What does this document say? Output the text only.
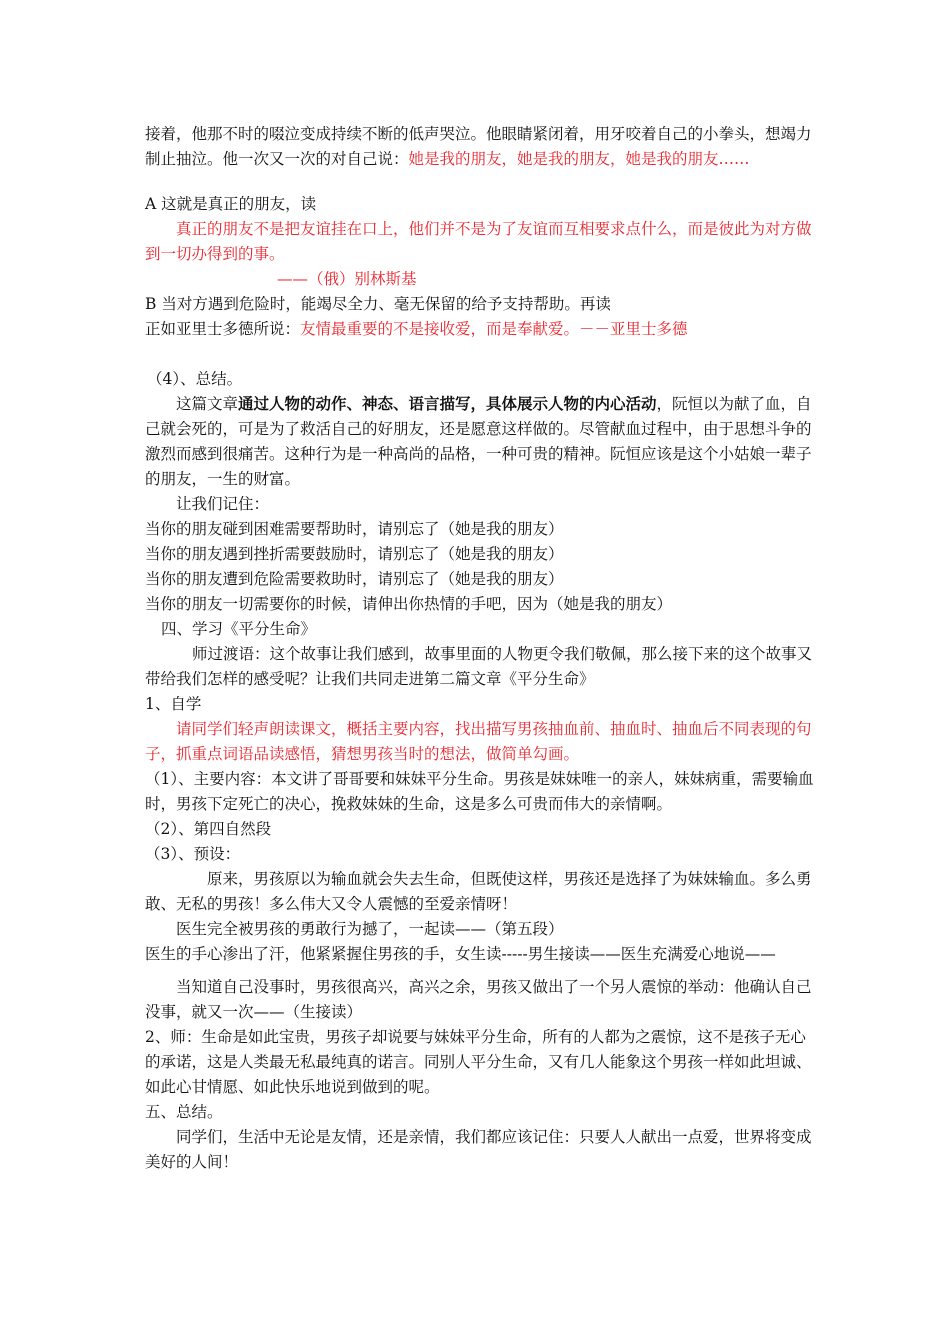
接着，他那不时的啜泣变成持续不断的低声哭泣。他眼睛紧闭着，用牙咬着自己的小拳头，想竭力制止抽泣。他一次又一次的对自己说：她是我的朋友，她是我的朋友，她是我的朋友……

A 这就是真正的朋友，读

真正的朋友不是把友谊挂在口上，他们并不是为了友谊而互相要求点什么，而是彼此为对方做到一切办得到的事。

——（俄）别林斯基

B 当对方遇到危险时，能竭尽全力、毫无保留的给予支持帮助。再读

正如亚里士多德所说：友情最重要的不是接收爱，而是奉献爱。－－亚里士多德

（4）、总结。

这篇文章通过人物的动作、神态、语言描写，具体展示人物的内心活动，阮恒以为献了血，自己就会死的，可是为了救活自己的好朋友，还是愿意这样做的。尽管献血过程中，由于思想斗争的激烈而感到很痛苦。这种行为是一种高尚的品格，一种可贵的精神。阮恒应该是这个小姑娘一辈子的朋友，一生的财富。

让我们记住：

当你的朋友碰到困难需要帮助时，请别忘了（她是我的朋友）

当你的朋友遇到挫折需要鼓励时，请别忘了（她是我的朋友）

当你的朋友遭到危险需要救助时，请别忘了（她是我的朋友）

当你的朋友一切需要你的时候，请伸出你热情的手吧，因为（她是我的朋友）

四、学习《平分生命》

师过渡语：这个故事让我们感到，故事里面的人物更令我们敬佩，那么接下来的这个故事又带给我们怎样的感受呢？让我们共同走进第二篇文章《平分生命》

1、自学

请同学们轻声朗读课文，概括主要内容，找出描写男孩抽血前、抽血时、抽血后不同表现的句子，抓重点词语品读感悟，猜想男孩当时的想法，做简单勾画。

（1）、主要内容：本文讲了哥哥要和妹妹平分生命。男孩是妹妹唯一的亲人，妹妹病重，需要输血时，男孩下定死亡的决心，挽救妹妹的生命，这是多么可贵而伟大的亲情啊。

（2）、第四自然段

（3）、预设：

原来，男孩原以为输血就会失去生命，但既使这样，男孩还是选择了为妹妹输血。多么勇敢、无私的男孩！多么伟大又令人震憾的至爱亲情呀！

医生完全被男孩的勇敢行为撼了，一起读——（第五段）

医生的手心渗出了汗，他紧紧握住男孩的手，女生读-----男生接读——医生充满爱心地说——

当知道自己没事时，男孩很高兴，高兴之余，男孩又做出了一个另人震惊的举动：他确认自己没事，就又一次——（生接读）

2、师：生命是如此宝贵，男孩子却说要与妹妹平分生命，所有的人都为之震惊，这不是孩子无心的承诺，这是人类最无私最纯真的诺言。同别人平分生命，又有几人能象这个男孩一样如此坦诚、如此心甘情愿、如此快乐地说到做到的呢。

五、总结。

同学们，生活中无论是友情，还是亲情，我们都应该记住：只要人人献出一点爱，世界将变成美好的人间！
